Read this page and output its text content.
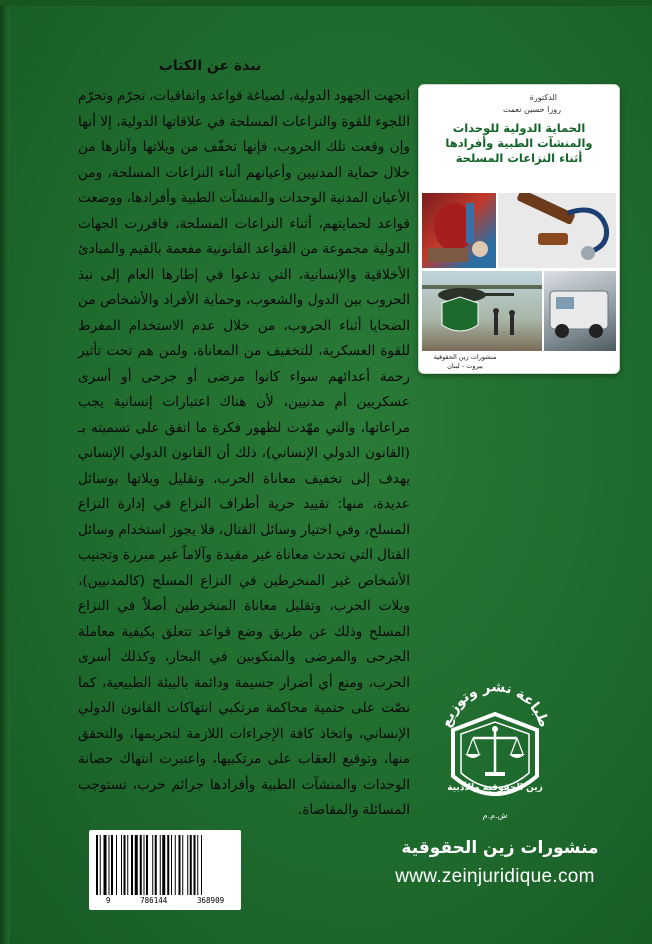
نبذة عن الكتاب
اتجهت الجهود الدولية، لصياغة قواعد واتفاقيات، تجرّم وتحرّم اللجوء للقوة والنزاعات المسلحة في علاقاتها الدولية، إلا أنها وإن وقعت تلك الحروب، فإنها تخفّف من ويلاتها وآثارها من خلال حماية المدنيين وأعيانهم أثناء النزاعات المسلحة، ومن الأعيان المدنية الوحدات والمنشآت الطبية وأفرادها، ووضعت قواعد لحمايتهم، أثناء النزاعات المسلحة، فافرزت الجهات الدولية مجموعة من القواعد القانونية مفعمة بالقيم والمبادئ الأخلاقية والإنسانية، التي تدعوا في إطارها العام إلى نبذ الحروب بين الدول والشعوب، وحماية الأفراد والأشخاص من الضحايا أثناء الحروب، من خلال عدم الاستخدام المفرط للقوة العسكرية، للتخفيف من المعاناة، ولمن هم تحت تأثير رحمة أعدائهم سواء كانوا مرضى أو جرحى أو أسرى عسكريين أم مدنيين، لأن هناك اعتبارات إنسانية يجب مراعاتها، والتي مهّدت لظهور فكرة ما اتفق على تسميته بـ (القانون الدولي الإنساني)، ذلك أن القانون الدولي الإنساني يهدف إلى تخفيف معاناة الحرب، وتقليل ويلاتها بوسائل عديدة، منها: تقييد حرية أطراف النزاع في إدارة النزاع المسلح، وفي اختيار وسائل القتال، فلا يجوز استخدام وسائل القتال التي تحدث معاناة غير مقيدة وآلاماً غير مبررة وتجنيب الأشخاص غير المنخرطين في النزاع المسلح (كالمدنيين)، ويلات الحرب، وتقليل معاناة المنخرطين أصلاً في النزاع المسلح وذلك عن طريق وضع قواعد تتعلق بكيفية معاملة الجرحى والمرضى والمنكوبين في البحار، وكذلك أسرى الحرب، ومنع أي أضرار جسيمة ودائمة بالبيئة الطبيعية، كما نصّت على حتمية محاكمة مرتكبي انتهاكات القانون الدولي الإنساني، واتخاذ كافة الإجراءات اللازمة لتحريمها، والتحقق منها، وتوقيع العقاب على مرتكبيها، واعتبرت انتهاك حصانة الوحدات والمنشآت الطبية وأفرادها جرائم حرب، تستوجب المسائلة والمقاضاة.
الدكتورة
روزا حسين نعمت
الحماية الدولية للوحدات
والمنشآت الطبية وأفرادها
أثناء النزاعات المسلحة
منشورات زين الحقوقية
بيروت - لبنان
طباعة نشر وتوزيع
زين الحقوقية والأدبية
ش.م.م
منشورات زين الحقوقية
www.zeinjuridique.com
9	786144	368909
